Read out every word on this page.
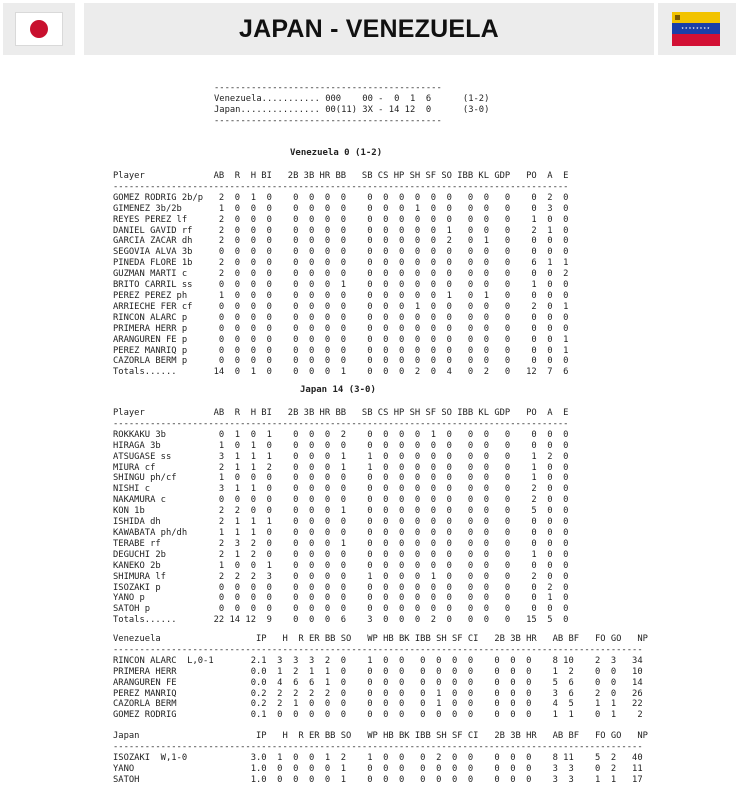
JAPAN - VENEZUELA	★★★★★★★★
-------------------------------------------
Venezuela........... 000    00 -  0  1  6      (1-2)
Japan............... 00(11) 3X - 14 12  0      (3-0)
-------------------------------------------
Venezuela 0 (1-2)
Player             AB  R  H BI   2B 3B HR BB   SB CS HP SH SF SO IBB KL GDP   PO  A  E
--------------------------------------------------------------------------------------
GOMEZ RODRIG 2b/p   2  0  1  0    0  0  0  0    0  0  0  0  0  0   0  0   0    0  2  0
GIMENEZ 3b/2b       1  0  0  0    0  0  0  0    0  0  0  1  0  0   0  0   0    0  3  0
REYES PEREZ lf      2  0  0  0    0  0  0  0    0  0  0  0  0  0   0  0   0    1  0  0
DANIEL GAVID rf     2  0  0  0    0  0  0  0    0  0  0  0  0  1   0  0   0    2  1  0
GARCIA ZACAR dh     2  0  0  0    0  0  0  0    0  0  0  0  0  2   0  1   0    0  0  0
SEGOVIA ALVA 3b     0  0  0  0    0  0  0  0    0  0  0  0  0  0   0  0   0    0  0  0
PINEDA FLORE 1b     2  0  0  0    0  0  0  0    0  0  0  0  0  0   0  0   0    6  1  1
GUZMAN MARTI c      2  0  0  0    0  0  0  0    0  0  0  0  0  0   0  0   0    0  0  2
BRITO CARRIL ss     0  0  0  0    0  0  0  1    0  0  0  0  0  0   0  0   0    1  0  0
PEREZ PEREZ ph      1  0  0  0    0  0  0  0    0  0  0  0  0  1   0  1   0    0  0  0
ARRIECHE FER cf     0  0  0  0    0  0  0  0    0  0  0  1  0  0   0  0   0    2  0  1
RINCON ALARC p      0  0  0  0    0  0  0  0    0  0  0  0  0  0   0  0   0    0  0  0
PRIMERA HERR p      0  0  0  0    0  0  0  0    0  0  0  0  0  0   0  0   0    0  0  0
ARANGUREN FE p      0  0  0  0    0  0  0  0    0  0  0  0  0  0   0  0   0    0  0  1
PEREZ MANRIQ p      0  0  0  0    0  0  0  0    0  0  0  0  0  0   0  0   0    0  0  1
CAZORLA BERM p      0  0  0  0    0  0  0  0    0  0  0  0  0  0   0  0   0    0  0  0
Totals......       14  0  1  0    0  0  0  1    0  0  0  2  0  4   0  2   0   12  7  6
Japan 14 (3-0)
Player             AB  R  H BI   2B 3B HR BB   SB CS HP SH SF SO IBB KL GDP   PO  A  E
--------------------------------------------------------------------------------------
ROKKAKU 3b          0  1  0  1    0  0  0  2    0  0  0  0  1  0   0  0   0    0  0  0
HIRAGA 3b           1  0  1  0    0  0  0  0    0  0  0  0  0  0   0  0   0    0  0  0
ATSUGASE ss         3  1  1  1    0  0  0  1    1  0  0  0  0  0   0  0   0    1  2  0
MIURA cf            2  1  1  2    0  0  0  1    1  0  0  0  0  0   0  0   0    1  0  0
SHINGU ph/cf        1  0  0  0    0  0  0  0    0  0  0  0  0  0   0  0   0    1  0  0
NISHI c             3  1  1  0    0  0  0  0    0  0  0  0  0  0   0  0   0    2  0  0
NAKAMURA c          0  0  0  0    0  0  0  0    0  0  0  0  0  0   0  0   0    2  0  0
KON 1b              2  2  0  0    0  0  0  1    0  0  0  0  0  0   0  0   0    5  0  0
ISHIDA dh           2  1  1  1    0  0  0  0    0  0  0  0  0  0   0  0   0    0  0  0
KAWABATA ph/dh      1  1  1  0    0  0  0  0    0  0  0  0  0  0   0  0   0    0  0  0
TERABE rf           2  3  2  0    0  0  0  1    0  0  0  0  0  0   0  0   0    0  0  0
DEGUCHI 2b          2  1  2  0    0  0  0  0    0  0  0  0  0  0   0  0   0    1  0  0
KANEKO 2b           1  0  0  1    0  0  0  0    0  0  0  0  0  0   0  0   0    0  0  0
SHIMURA lf          2  2  2  3    0  0  0  0    1  0  0  0  1  0   0  0   0    2  0  0
ISOZAKI p           0  0  0  0    0  0  0  0    0  0  0  0  0  0   0  0   0    0  2  0
YANO p              0  0  0  0    0  0  0  0    0  0  0  0  0  0   0  0   0    0  1  0
SATOH p             0  0  0  0    0  0  0  0    0  0  0  0  0  0   0  0   0    0  0  0
Totals......       22 14 12  9    0  0  0  6    3  0  0  0  2  0   0  0   0   15  5  0
Venezuela                  IP   H  R ER BB SO   WP HB BK IBB SH SF CI   2B 3B HR   AB BF   FO GO   NP
----------------------------------------------------------------------------------------------------
RINCON ALARC  L,0-1       2.1  3  3  3  2  0    1  0  0   0  0  0  0    0  0  0    8 10    2  3   34
PRIMERA HERR              0.0  1  2  1  1  0    0  0  0   0  0  0  0    0  0  0    1  2    0  0   10
ARANGUREN FE              0.0  4  6  6  1  0    0  0  0   0  0  0  0    0  0  0    5  6    0  0   14
PEREZ MANRIQ              0.2  2  2  2  2  0    0  0  0   0  1  0  0    0  0  0    3  6    2  0   26
CAZORLA BERM              0.2  2  1  0  0  0    0  0  0   0  1  0  0    0  0  0    4  5    1  1   22
GOMEZ RODRIG              0.1  0  0  0  0  0    0  0  0   0  0  0  0    0  0  0    1  1    0  1    2
Japan                      IP   H  R ER BB SO   WP HB BK IBB SH SF CI   2B 3B HR   AB BF   FO GO   NP
----------------------------------------------------------------------------------------------------
ISOZAKI  W,1-0            3.0  1  0  0  1  2    1  0  0   0  2  0  0    0  0  0    8 11    5  2   40
YANO                      1.0  0  0  0  0  1    0  0  0   0  0  0  0    0  0  0    3  3    0  2   11
SATOH                     1.0  0  0  0  0  1    0  0  0   0  0  0  0    0  0  0    3  3    1  1   17
